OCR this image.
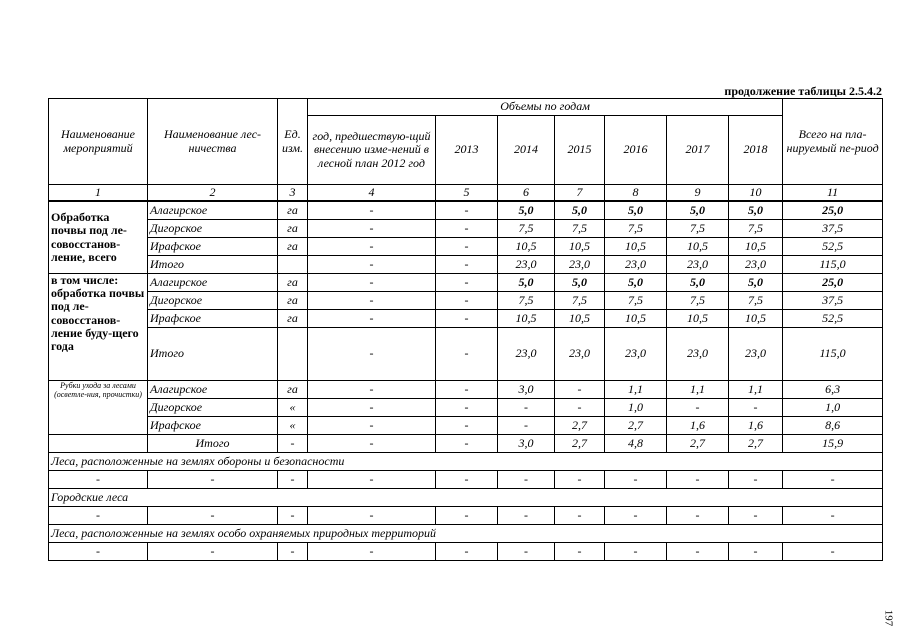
продолжение таблицы 2.5.4.2
Наименование мероприятий	Наименование лес-ничества	Ед. изм.	Объемы по годам							Всего на пла-нируемый пе-риод
			год, предшествую-щий внесению изме-нений в лесной план 2012 год	2013	2014	2015	2016	2017	2018	
1	2	3	4	5	6	7	8	9	10	11
Обработка почвы под ле-совосстанов-ление, всего	Алагирское	га	-	-	5,0	5,0	5,0	5,0	5,0	25,0
	Дигорское	га	-	-	7,5	7,5	7,5	7,5	7,5	37,5
	Ирафское	га	-	-	10,5	10,5	10,5	10,5	10,5	52,5
	Итого		-	-	23,0	23,0	23,0	23,0	23,0	115,0
в том числе: обработка почвы под ле-совосстанов-ление буду-щего года	Алагирское	га	-	-	5,0	5,0	5,0	5,0	5,0	25,0
	Дигорское	га	-	-	7,5	7,5	7,5	7,5	7,5	37,5
	Ирафское	га	-	-	10,5	10,5	10,5	10,5	10,5	52,5
	Итого		-	-	23,0	23,0	23,0	23,0	23,0	115,0
Рубки ухода за лесами (осветле-ния, прочистки)	Алагирское	га	-	-	3,0	-	1,1	1,1	1,1	6,3
	Дигорское	«	-	-	-	-	1,0	-	-	1,0
	Ирафское	«	-	-	-	2,7	2,7	1,6	1,6	8,6
	Итого	-	-	-	3,0	2,7	4,8	2,7	2,7	15,9
Леса, расположенные на землях обороны и безопасности										
-	-	-	-	-	-	-	-	-	-	-
Городские леса										
-	-	-	-	-	-	-	-	-	-	-
Леса, расположенные на землях особо охраняемых природных территорий										
-	-	-	-	-	-	-	-	-	-	-
197
